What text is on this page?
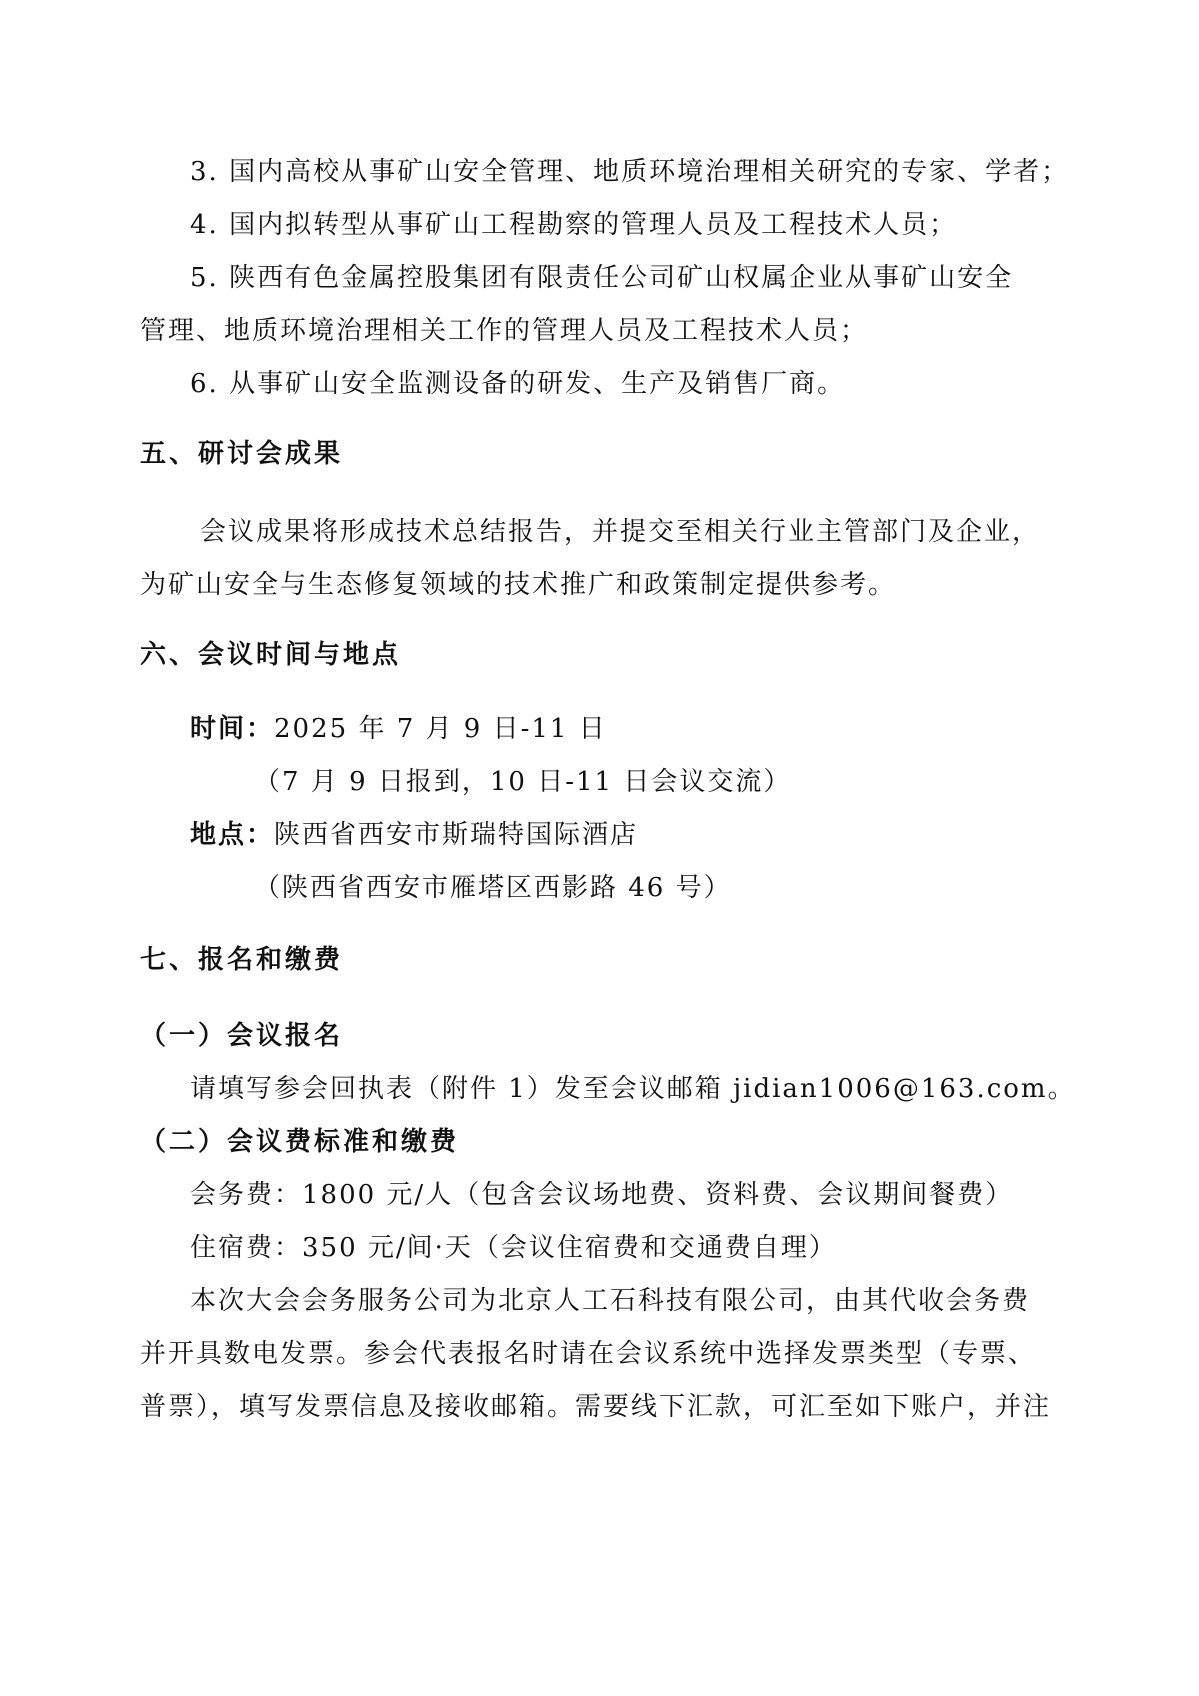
3. 国内高校从事矿山安全管理、地质环境治理相关研究的专家、学者；
4. 国内拟转型从事矿山工程勘察的管理人员及工程技术人员；
5. 陕西有色金属控股集团有限责任公司矿山权属企业从事矿山安全
管理、地质环境治理相关工作的管理人员及工程技术人员；
6. 从事矿山安全监测设备的研发、生产及销售厂商。
五、研讨会成果
会议成果将形成技术总结报告，并提交至相关行业主管部门及企业，
为矿山安全与生态修复领域的技术推广和政策制定提供参考。
六、会议时间与地点
时间：2025 年 7 月 9 日-11 日
（7 月 9 日报到，10 日-11 日会议交流）
地点：陕西省西安市斯瑞特国际酒店
（陕西省西安市雁塔区西影路 46 号）
七、报名和缴费
（一）会议报名
请填写参会回执表（附件 1）发至会议邮箱 jidian1006@163.com。
（二）会议费标准和缴费
会务费：1800 元/人（包含会议场地费、资料费、会议期间餐费）
住宿费：350 元/间·天（会议住宿费和交通费自理）
本次大会会务服务公司为北京人工石科技有限公司，由其代收会务费
并开具数电发票。参会代表报名时请在会议系统中选择发票类型（专票、
普票），填写发票信息及接收邮箱。需要线下汇款，可汇至如下账户，并注
